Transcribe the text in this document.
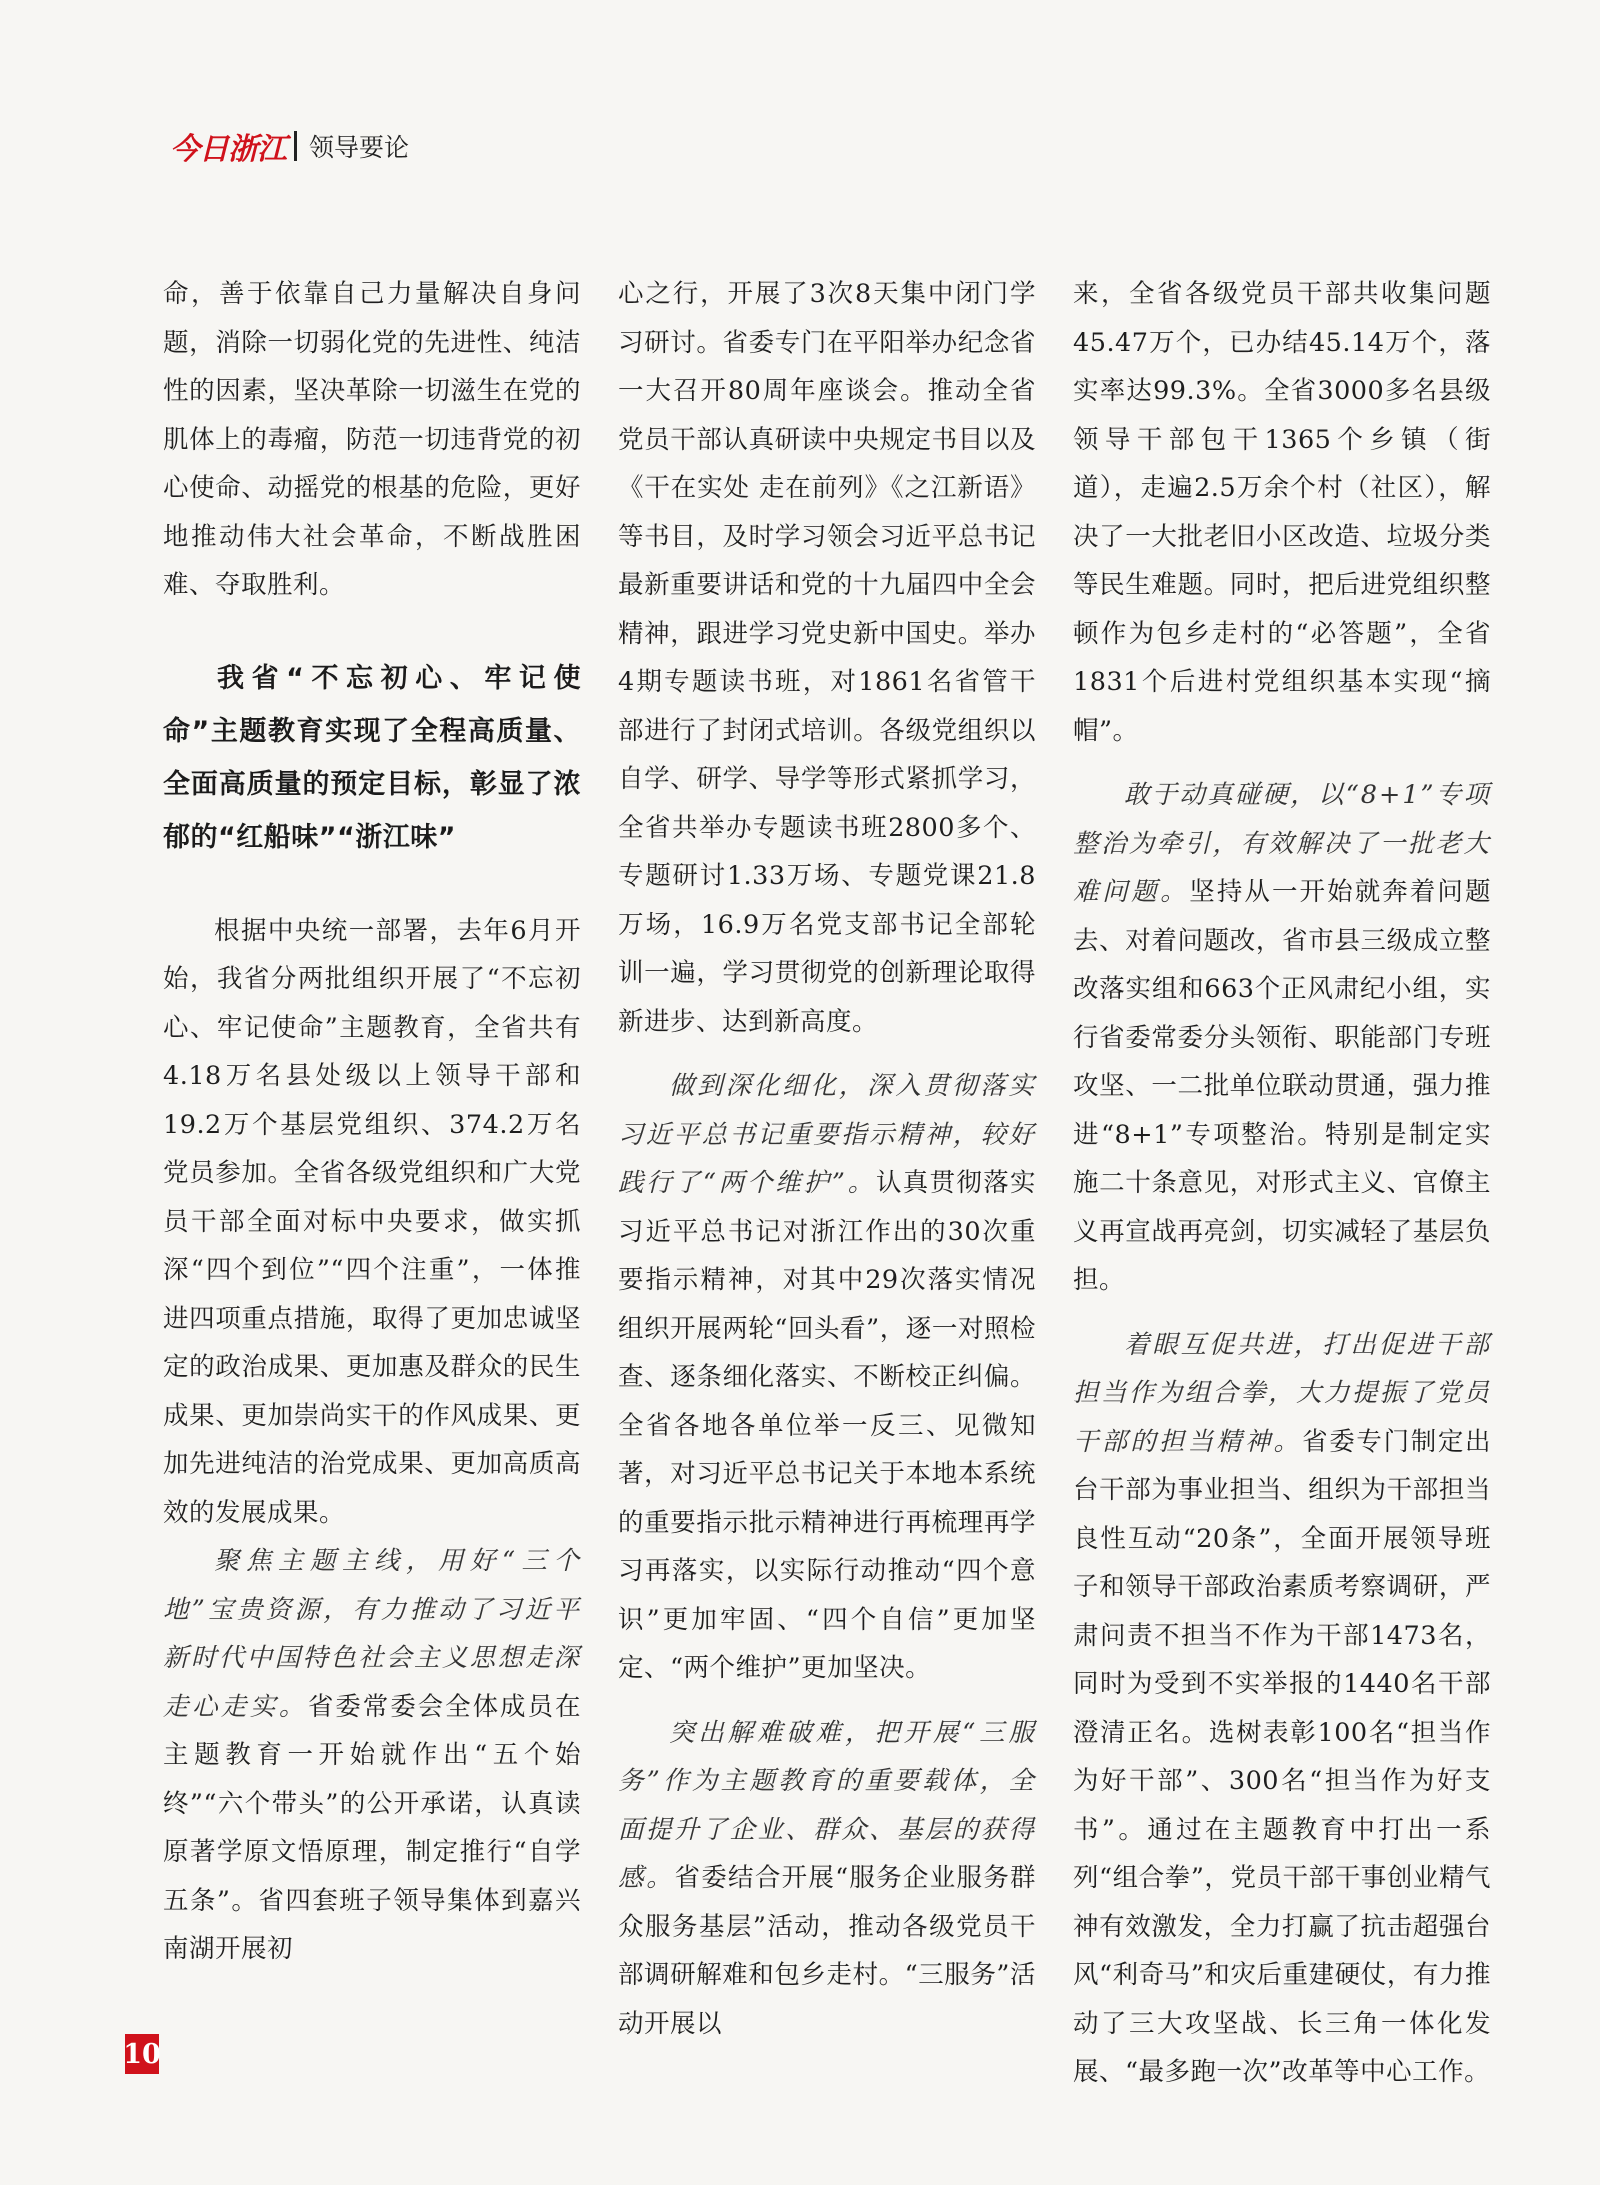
今日浙江 领导要论

命，善于依靠自己力量解决自身问题，消除一切弱化党的先进性、纯洁性的因素，坚决革除一切滋生在党的肌体上的毒瘤，防范一切违背党的初心使命、动摇党的根基的危险，更好地推动伟大社会革命，不断战胜困难、夺取胜利。

我省“不忘初心、牢记使命”主题教育实现了全程高质量、全面高质量的预定目标，彰显了浓郁的“红船味”“浙江味”

根据中央统一部署，去年6月开始，我省分两批组织开展了“不忘初心、牢记使命”主题教育，全省共有4.18万名县处级以上领导干部和19.2万个基层党组织、374.2万名党员参加。全省各级党组织和广大党员干部全面对标中央要求，做实抓深“四个到位”“四个注重”，一体推进四项重点措施，取得了更加忠诚坚定的政治成果、更加惠及群众的民生成果、更加崇尚实干的作风成果、更加先进纯洁的治党成果、更加高质高效的发展成果。

聚焦主题主线，用好“三个地”宝贵资源，有力推动了习近平新时代中国特色社会主义思想走深走心走实。省委常委会全体成员在主题教育一开始就作出“五个始终”“六个带头”的公开承诺，认真读原著学原文悟原理，制定推行“自学五条”。省四套班子领导集体到嘉兴南湖开展初

心之行，开展了3次8天集中闭门学习研讨。省委专门在平阳举办纪念省一大召开80周年座谈会。推动全省党员干部认真研读中央规定书目以及《干在实处 走在前列》《之江新语》等书目，及时学习领会习近平总书记最新重要讲话和党的十九届四中全会精神，跟进学习党史新中国史。举办4期专题读书班，对1861名省管干部进行了封闭式培训。各级党组织以自学、研学、导学等形式紧抓学习，全省共举办专题读书班2800多个、专题研讨1.33万场、专题党课21.8万场，16.9万名党支部书记全部轮训一遍，学习贯彻党的创新理论取得新进步、达到新高度。

做到深化细化，深入贯彻落实习近平总书记重要指示精神，较好践行了“两个维护”。认真贯彻落实习近平总书记对浙江作出的30次重要指示精神，对其中29次落实情况组织开展两轮“回头看”，逐一对照检查、逐条细化落实、不断校正纠偏。全省各地各单位举一反三、见微知著，对习近平总书记关于本地本系统的重要指示批示精神进行再梳理再学习再落实，以实际行动推动“四个意识”更加牢固、“四个自信”更加坚定、“两个维护”更加坚决。

突出解难破难，把开展“三服务”作为主题教育的重要载体，全面提升了企业、群众、基层的获得感。省委结合开展“服务企业服务群众服务基层”活动，推动各级党员干部调研解难和包乡走村。“三服务”活动开展以

来，全省各级党员干部共收集问题45.47万个，已办结45.14万个，落实率达99.3%。全省3000多名县级领导干部包干1365个乡镇（街道），走遍2.5万余个村（社区），解决了一大批老旧小区改造、垃圾分类等民生难题。同时，把后进党组织整顿作为包乡走村的“必答题”，全省1831个后进村党组织基本实现“摘帽”。

敢于动真碰硬，以“8+1”专项整治为牵引，有效解决了一批老大难问题。坚持从一开始就奔着问题去、对着问题改，省市县三级成立整改落实组和663个正风肃纪小组，实行省委常委分头领衔、职能部门专班攻坚、一二批单位联动贯通，强力推进“8+1”专项整治。特别是制定实施二十条意见，对形式主义、官僚主义再宣战再亮剑，切实减轻了基层负担。

着眼互促共进，打出促进干部担当作为组合拳，大力提振了党员干部的担当精神。省委专门制定出台干部为事业担当、组织为干部担当良性互动“20条”，全面开展领导班子和领导干部政治素质考察调研，严肃问责不担当不作为干部1473名，同时为受到不实举报的1440名干部澄清正名。选树表彰100名“担当作为好干部”、300名“担当作为好支书”。通过在主题教育中打出一系列“组合拳”，党员干部干事创业精气神有效激发，全力打赢了抗击超强台风“利奇马”和灾后重建硬仗，有力推动了三大攻坚战、长三角一体化发展、“最多跑一次”改革等中心工作。

10
